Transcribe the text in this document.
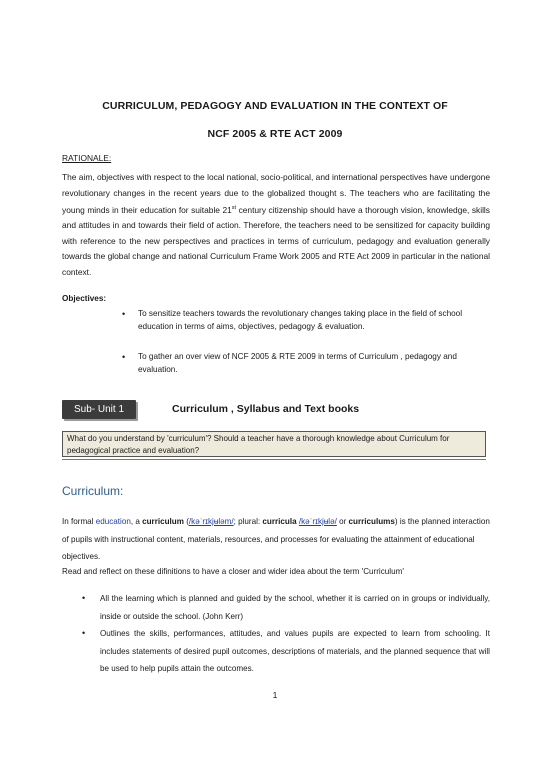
CURRICULUM, PEDAGOGY AND EVALUATION IN THE CONTEXT OF
NCF 2005 & RTE ACT 2009
RATIONALE:

The aim, objectives with respect to the local national, socio-political, and international perspectives have undergone revolutionary changes in the recent years due to the globalized thought s. The teachers who are facilitating the young minds in their education for suitable 21st century citizenship should have a thorough vision, knowledge, skills and attitudes in and towards their field of action. Therefore, the teachers need to be sensitized for capacity building with reference to the new perspectives and practices in terms of curriculum, pedagogy and evaluation generally towards the global change and national Curriculum Frame Work 2005 and RTE Act 2009 in particular in the national context.

Objectives:
• To sensitize teachers towards the revolutionary changes taking place in the field of school education in terms of aims, objectives, pedagogy & evaluation.
• To gather an over view of NCF 2005 & RTE 2009 in terms of Curriculum , pedagogy and evaluation.
Sub- Unit 1	Curriculum , Syllabus and Text books
What do you understand by 'curriculum'? Should a teacher have a thorough knowledge about Curriculum for pedagogical practice and evaluation?
Curriculum:

In formal education, a curriculum (/kəˈrɪkjʉləm/; plural: curricula /kəˈrɪkjʉlə/ or curriculums) is the planned interaction of pupils with instructional content, materials, resources, and processes for evaluating the attainment of educational objectives.

Read and reflect on these difinitions to have a closer and wider idea about the term 'Curriculum'
• All the learning which is planned and guided by the school, whether it is carried on in groups or individually, inside or outside the school. (John Kerr)
• Outlines the skills, performances, attitudes, and values pupils are expected to learn from schooling. It includes statements of desired pupil outcomes, descriptions of materials, and the planned sequence that will be used to help pupils attain the outcomes.
1
